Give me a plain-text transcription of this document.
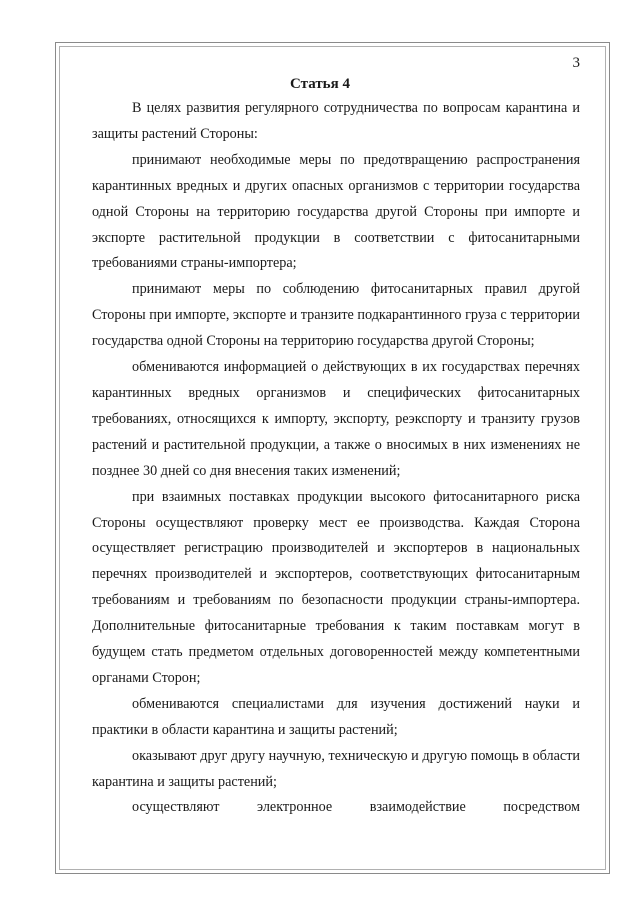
3
Статья 4

В целях развития регулярного сотрудничества по вопросам карантина и защиты растений Стороны:

принимают необходимые меры по предотвращению распространения карантинных вредных и других опасных организмов с территории государства одной Стороны на территорию государства другой Стороны при импорте и экспорте растительной продукции в соответствии с фитосанитарными требованиями страны-импортера;

принимают меры по соблюдению фитосанитарных правил другой Стороны при импорте, экспорте и транзите подкарантинного груза с территории государства одной Стороны на территорию государства другой Стороны;

обмениваются информацией о действующих в их государствах перечнях карантинных вредных организмов и специфических фитосанитарных требованиях, относящихся к импорту, экспорту, реэкспорту и транзиту грузов растений и растительной продукции, а также о вносимых в них изменениях не позднее 30 дней со дня внесения таких изменений;

при взаимных поставках продукции высокого фитосанитарного риска Стороны осуществляют проверку мест ее производства. Каждая Сторона осуществляет регистрацию производителей и экспортеров в национальных перечнях производителей и экспортеров, соответствующих фитосанитарным требованиям и требованиям по безопасности продукции страны-импортера. Дополнительные фитосанитарные требования к таким поставкам могут в будущем стать предметом отдельных договоренностей между компетентными органами Сторон;

обмениваются специалистами для изучения достижений науки и практики в области карантина и защиты растений;

оказывают друг другу научную, техническую и другую помощь в области карантина и защиты растений;

осуществляют электронное взаимодействие посредством
